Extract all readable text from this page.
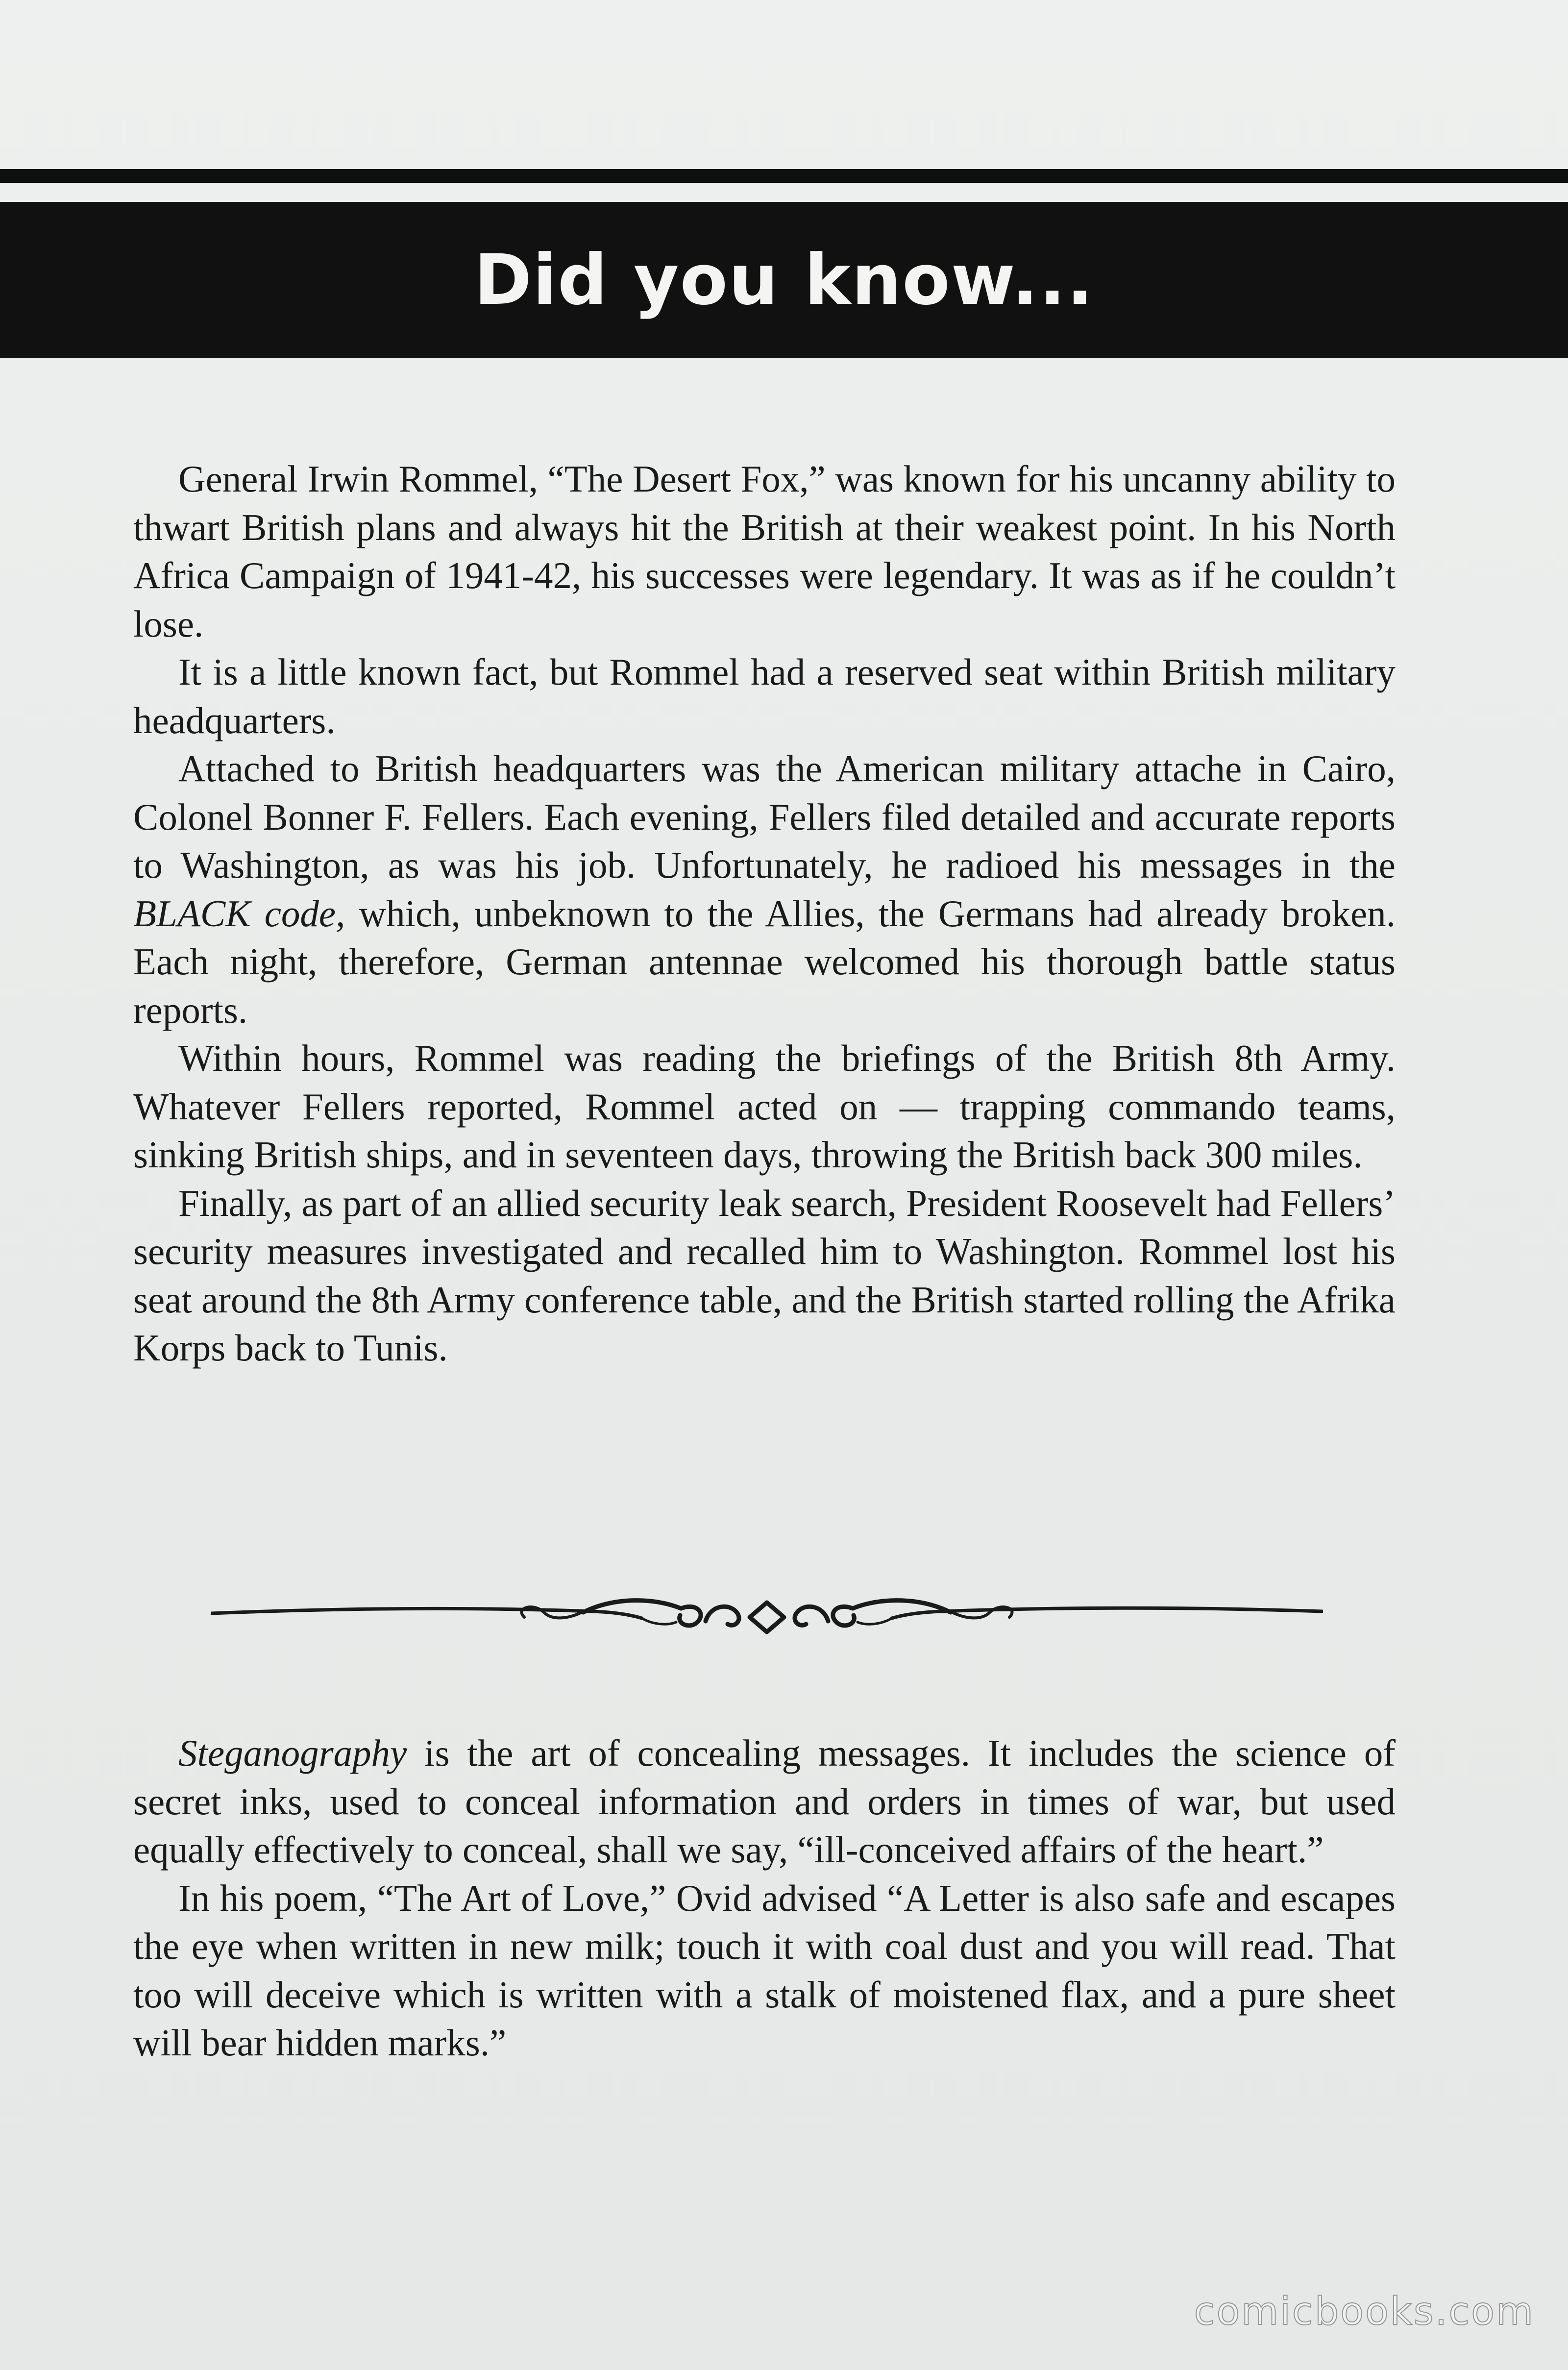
Did you know...

General Irwin Rommel, “The Desert Fox,” was known for his uncanny ability to thwart British plans and always hit the British at their weakest point. In his North Africa Campaign of 1941-42, his successes were legendary. It was as if he couldn’t lose.

It is a little known fact, but Rommel had a reserved seat within British military headquarters.

Attached to British headquarters was the American military attache in Cairo, Colonel Bonner F. Fellers. Each evening, Fellers filed detailed and accurate reports to Washington, as was his job. Unfortunately, he radioed his messages in the BLACK code, which, unbeknown to the Allies, the Germans had already broken. Each night, therefore, German antennae welcomed his thorough battle status reports.

Within hours, Rommel was reading the briefings of the British 8th Army. Whatever Fellers reported, Rommel acted on — trapping commando teams, sinking British ships, and in seventeen days, throwing the British back 300 miles.

Finally, as part of an allied security leak search, President Roosevelt had Fellers’ security measures investigated and recalled him to Washington. Rommel lost his seat around the 8th Army conference table, and the British started rolling the Afrika Korps back to Tunis.

Steganography is the art of concealing messages. It includes the science of secret inks, used to conceal information and orders in times of war, but used equally effectively to conceal, shall we say, “ill-conceived affairs of the heart.”

In his poem, “The Art of Love,” Ovid advised “A Letter is also safe and escapes the eye when written in new milk; touch it with coal dust and you will read. That too will deceive which is written with a stalk of moistened flax, and a pure sheet will bear hidden marks.”

comicbooks.com
